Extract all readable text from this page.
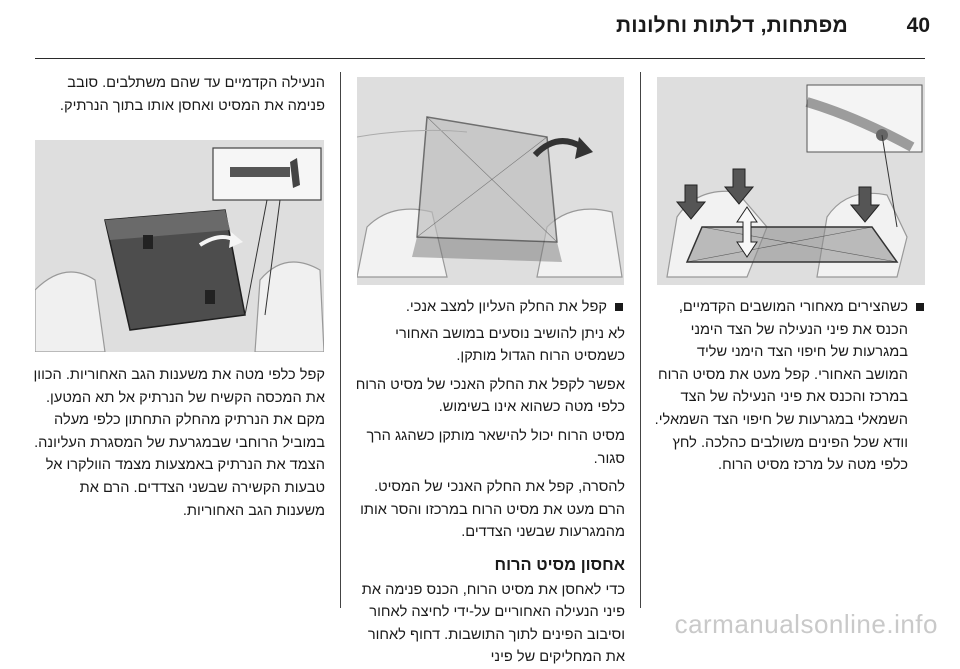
מפתחות, דלתות וחלונות	40

כשהצירים מאחורי המושבים הקדמיים, הכנס את פיני הנעילה של הצד הימני במגרעות של חיפוי הצד הימני שליד המושב האחורי. קפל מעט את מסיט הרוח במרכז והכנס את פיני הנעילה של הצד השמאלי במגרעות של חיפוי הצד השמאלי. וודא שכל הפינים משולבים כהלכה. לחץ כלפי מטה על מרכז מסיט הרוח.

קפל את החלק העליון למצב אנכי.

לא ניתן להושיב נוסעים במושב האחורי כשמסיט הרוח הגדול מותקן.

אפשר לקפל את החלק האנכי של מסיט הרוח כלפי מטה כשהוא אינו בשימוש.

מסיט הרוח יכול להישאר מותקן כשהגג הרך סגור.

להסרה, קפל את החלק האנכי של המסיט. הרם מעט את מסיט הרוח במרכזו והסר אותו מהמגרעות שבשני הצדדים.

אחסון מסיט הרוח

כדי לאחסן את מסיט הרוח, הכנס פנימה את פיני הנעילה האחוריים על-ידי לחיצה לאחור וסיבוב הפינים לתוך התושבות. דחוף לאחור את המחליקים של פיני

הנעילה הקדמיים עד שהם משתלבים. סובב פנימה את המסיט ואחסן אותו בתוך הנרתיק.

קפל כלפי מטה את משענות הגב האחוריות. הכוון את המכסה הקשיח של הנרתיק אל תא המטען. מקם את הנרתיק מהחלק התחתון כלפי מעלה במוביל הרוחבי שבמגרעת של המסגרת העליונה. הצמד את הנרתיק באמצעות מצמד הוולקרו אל טבעות הקשירה שבשני הצדדים. הרם את משענות הגב האחוריות.

carmanualsonline.info
